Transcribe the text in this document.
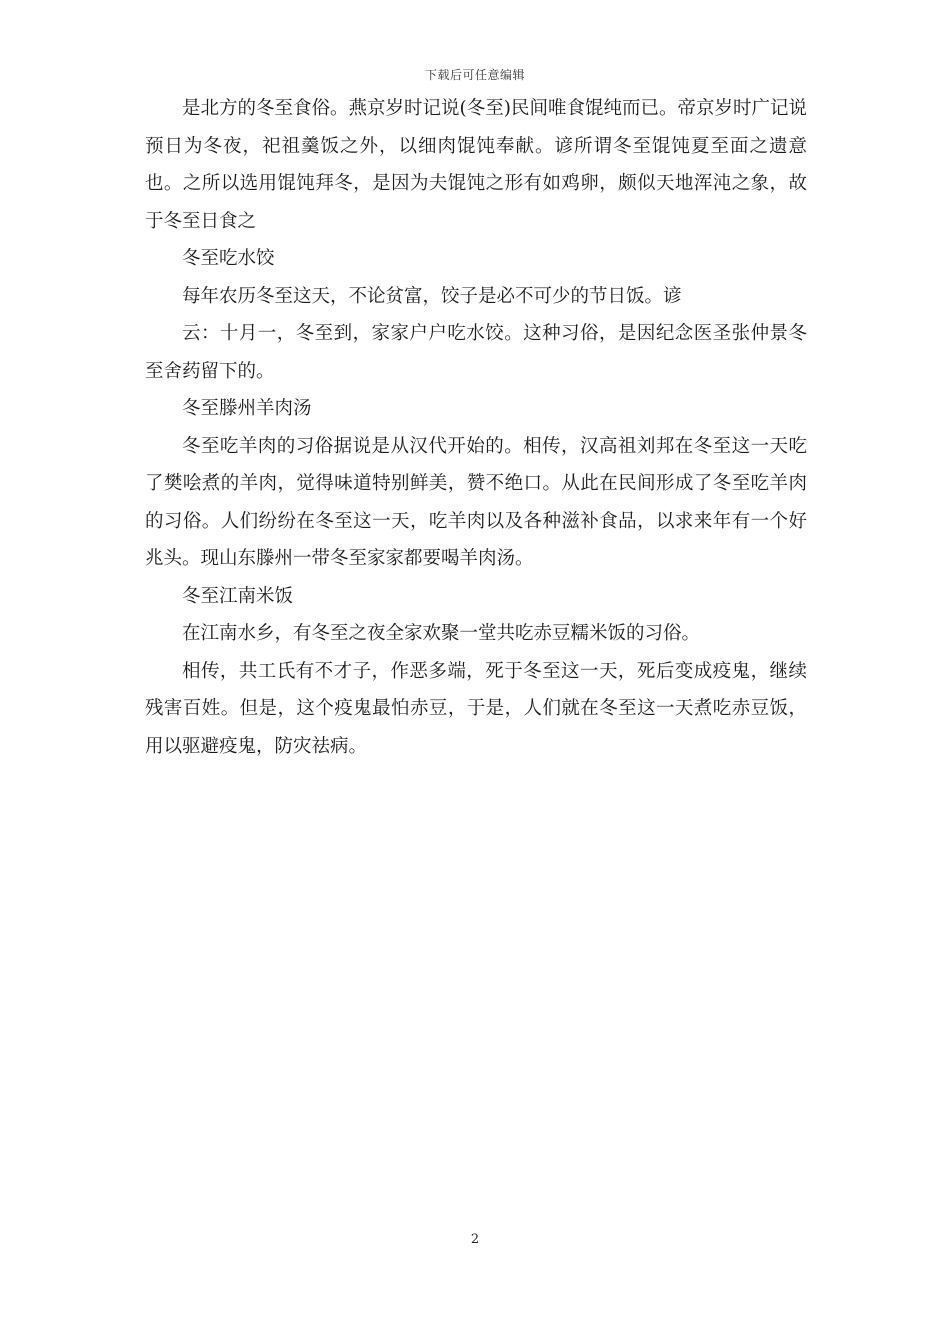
下载后可任意编辑

是北方的冬至食俗。燕京岁时记说(冬至)民间唯食馄纯而已。帝京岁时广记说预日为冬夜，祀祖羹饭之外，以细肉馄饨奉献。谚所谓冬至馄饨夏至面之遗意也。之所以选用馄饨拜冬，是因为夫馄饨之形有如鸡卵，颇似天地浑沌之象，故于冬至日食之

冬至吃水饺

每年农历冬至这天，不论贫富，饺子是必不可少的节日饭。谚

云：十月一，冬至到，家家户户吃水饺。这种习俗，是因纪念医圣张仲景冬至舍药留下的。

冬至滕州羊肉汤

冬至吃羊肉的习俗据说是从汉代开始的。相传，汉高祖刘邦在冬至这一天吃了樊哙煮的羊肉，觉得味道特别鲜美，赞不绝口。从此在民间形成了冬至吃羊肉的习俗。人们纷纷在冬至这一天，吃羊肉以及各种滋补食品，以求来年有一个好兆头。现山东滕州一带冬至家家都要喝羊肉汤。

冬至江南米饭

在江南水乡，有冬至之夜全家欢聚一堂共吃赤豆糯米饭的习俗。

相传，共工氏有不才子，作恶多端，死于冬至这一天，死后变成疫鬼，继续残害百姓。但是，这个疫鬼最怕赤豆，于是，人们就在冬至这一天煮吃赤豆饭，用以驱避疫鬼，防灾祛病。

2
